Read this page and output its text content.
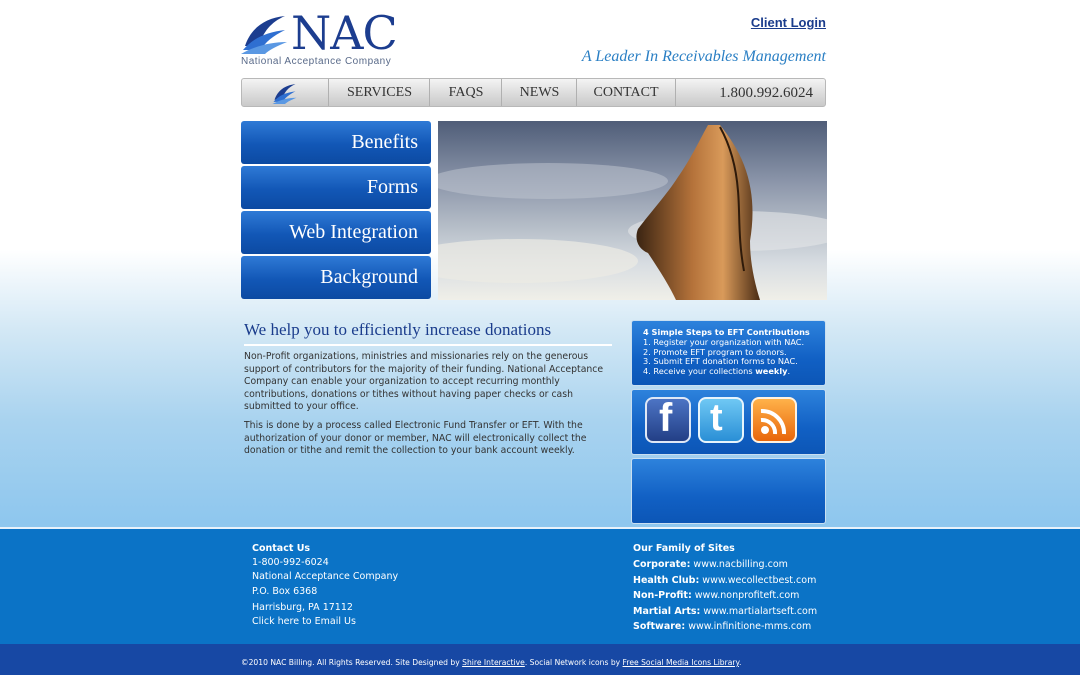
NAC
National Acceptance Company
Client Login
A Leader In Receivables Management
SERVICES	FAQS	NEWS	CONTACT	1.800.992.6024
Benefits
Forms
Web Integration
Background
We help you to efficiently increase donations

Non-Profit organizations, ministries and missionaries rely on the generous support of contributors for the majority of their funding. National Acceptance Company can enable your organization to accept recurring monthly contributions, donations or tithes without having paper checks or cash submitted to your office.

This is done by a process called Electronic Fund Transfer or EFT. With the authorization of your donor or member, NAC will electronically collect the donation or tithe and remit the collection to your bank account weekly.

4 Simple Steps to EFT Contributions
1. Register your organization with NAC.
2. Promote EFT program to donors.
3. Submit EFT donation forms to NAC.
4. Receive your collections weekly.
f t
Contact Us
1-800-992-6024
National Acceptance Company
P.O. Box 6368
Harrisburg, PA 17112
Click here to Email Us
Our Family of Sites
Corporate: www.nacbilling.com
Health Club: www.wecollectbest.com
Non-Profit: www.nonprofiteft.com
Martial Arts: www.martialartseft.com
Software: www.infinitione-mms.com
©2010 NAC Billing. All Rights Reserved. Site Designed by Shire Interactive. Social Network icons by Free Social Media Icons Library.
